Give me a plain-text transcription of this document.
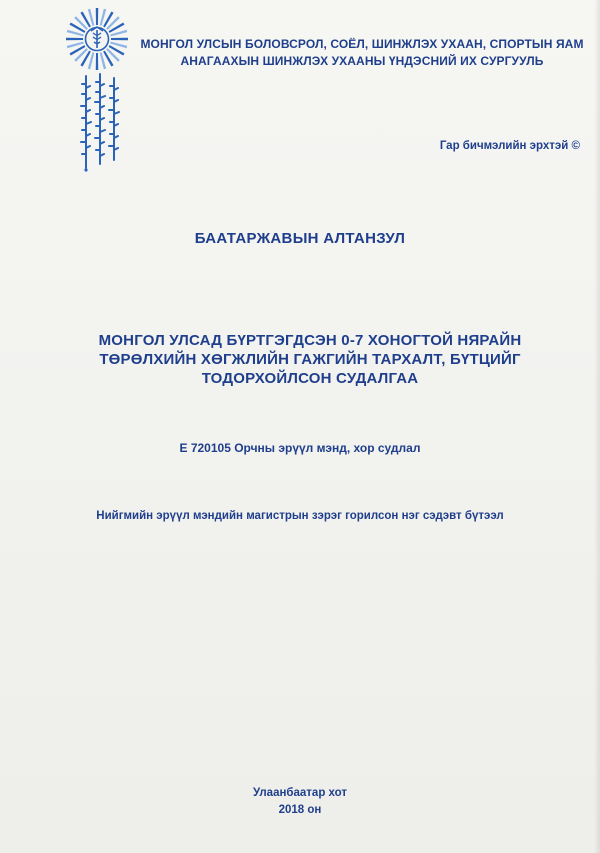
МОНГОЛ УЛСЫН БОЛОВСРОЛ, СОЁЛ, ШИНЖЛЭХ УХААН, СПОРТЫН ЯАМ
АНАГААХЫН ШИНЖЛЭХ УХААНЫ ҮНДЭСНИЙ ИХ СУРГУУЛЬ
Гар бичмэлийн эрхтэй ©
БААТАРЖАВЫН АЛТАНЗУЛ
МОНГОЛ УЛСАД БҮРТГЭГДСЭН 0-7 ХОНОГТОЙ НЯРАЙН
ТӨРӨЛХИЙН ХӨГЖЛИЙН ГАЖГИЙН ТАРХАЛТ, БҮТЦИЙГ
ТОДОРХОЙЛСОН СУДАЛГАА
Е 720105 Орчны эрүүл мэнд, хор судлал
Нийгмийн эрүүл мэндийн магистрын зэрэг горилсон нэг сэдэвт бүтээл
Улаанбаатар хот
2018 он
